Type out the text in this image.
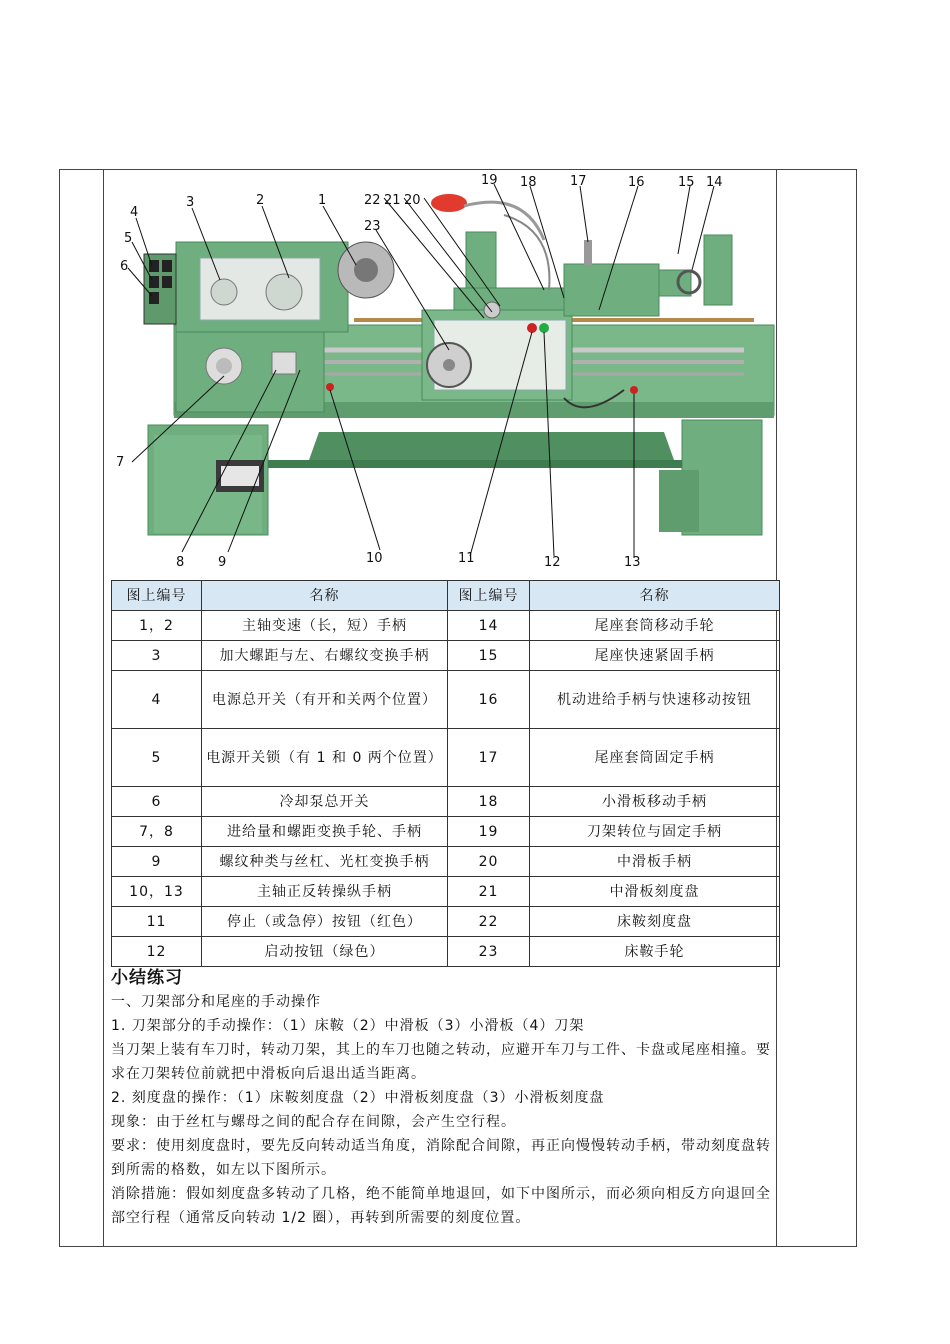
1
2
3
4
5
6
7
8	9	10	11	12	13
14
15
16
17
18
19
20
21
22
23
图上编号	名称	图上编号	名称
1，2	主轴变速（长，短）手柄	14	尾座套筒移动手轮
3	加大螺距与左、右螺纹变换手柄	15	尾座快速紧固手柄
4	电源总开关（有开和关两个位置）	16	机动进给手柄与快速移动按钮
5	电源开关锁（有 1 和 0 两个位置）	17	尾座套筒固定手柄
6	冷却泵总开关	18	小滑板移动手柄
7，8	进给量和螺距变换手轮、手柄	19	刀架转位与固定手柄
9	螺纹种类与丝杠、光杠变换手柄	20	中滑板手柄
10，13	主轴正反转操纵手柄	21	中滑板刻度盘
11	停止（或急停）按钮（红色）	22	床鞍刻度盘
12	启动按钮（绿色）	23	床鞍手轮
小结练习

一、刀架部分和尾座的手动操作

1. 刀架部分的手动操作：（1）床鞍（2）中滑板（3）小滑板（4）刀架

当刀架上装有车刀时，转动刀架，其上的车刀也随之转动，应避开车刀与工件、卡盘或尾座相撞。要求在刀架转位前就把中滑板向后退出适当距离。

2. 刻度盘的操作：（1）床鞍刻度盘（2）中滑板刻度盘（3）小滑板刻度盘

现象：由于丝杠与螺母之间的配合存在间隙，会产生空行程。

要求：使用刻度盘时，要先反向转动适当角度，消除配合间隙，再正向慢慢转动手柄，带动刻度盘转到所需的格数，如左以下图所示。

消除措施：假如刻度盘多转动了几格，绝不能简单地退回，如下中图所示，而必须向相反方向退回全部空行程（通常反向转动 1/2 圈），再转到所需要的刻度位置。
